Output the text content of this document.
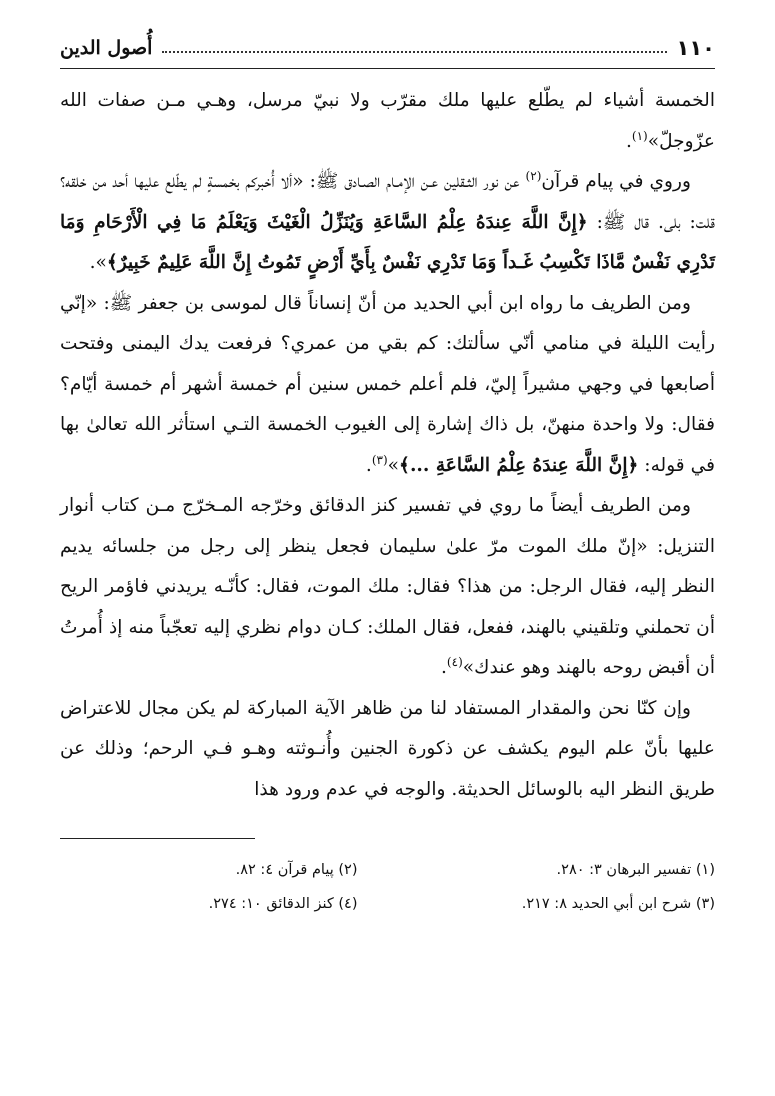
١١٠
أُصول الدين

الخمسة أشياء لم يطّلع عليها ملك مقرّب ولا نبيّ مرسل، وهـي مـن صفات الله عزّوجلّ»$^{(١)}$.

وروي في پيام قرآن$^{(٢)}$ عن نور الثـقلين عـن الإمـام الصـادق ﷺ: «ألا أُخبركم بخمسةٍ لم يطّلع عليها أحد من خلقه؟ قلت: بلى. قال ﷺ: ﴿إِنَّ اللَّهَ عِندَهُ عِلْمُ السَّاعَةِ وَيُنَزِّلُ الْغَيْثَ وَيَعْلَمُ مَا فِي الْأَرْحَامِ وَمَا تَدْرِي نَفْسٌ مَّاذَا تَكْسِبُ غَـداً وَمَا تَدْرِي نَفْسٌ بِأَيِّ أَرْضٍ تَمُوتُ إِنَّ اللَّهَ عَلِيمٌ خَبِيرٌ﴾».

ومن الطريف ما رواه ابن أبي الحديد من أنّ إنساناً قال لموسى بن جعفر ﷺ: «إنّي رأيت الليلة في منامي أنّي سألتك: كم بقي من عمري؟ فرفعت يدك اليمنى وفتحت أصابعها في وجهي مشيراً إليّ، فلم أعلم خمس سنين أم خمسة أشهر أم خمسة أيّام؟ فقال: ولا واحدة منهنّ، بل ذاك إشارة إلى الغيوب الخمسة التـي استأثر الله تعالىٰ بها في قوله: ﴿إِنَّ اللَّهَ عِندَهُ عِلْمُ السَّاعَةِ ...﴾»$^{(٣)}$.

ومن الطريف أيضاً ما روي في تفسير كنز الدقائق وخرّجه المـخرّج مـن كتاب أنوار التنزيل: «إنّ ملك الموت مرّ علىٰ سليمان فجعل ينظر إلى رجل من جلسائه يديم النظر إليه، فقال الرجل: من هذا؟ فقال: ملك الموت، فقال: كأنّـه يريدني فاؤمر الريح أن تحملني وتلقيني بالهند، ففعل، فقال الملك: كـان دوام نظري إليه تعجّباً منه إذ أُمرتُ أن أقبض روحه بالهند وهو عندك»$^{(٤)}$.

وإن كنّا نحن والمقدار المستفاد لنا من ظاهر الآية المباركة لم يكن مجال للاعتراض عليها بأنّ علم اليوم يكشف عن ذكورة الجنين وأُنـوثته وهـو فـي الرحم؛ وذلك عن طريق النظر اليه بالوسائل الحديثة. والوجه في عدم ورود هذا

(١) تفسير البرهان ٣: ٢٨٠.
(٢) پيام قرآن ٤: ٨٢.
(٣) شرح ابن أبي الحديد ٨: ٢١٧.
(٤) كنز الدقائق ١٠: ٢٧٤.
